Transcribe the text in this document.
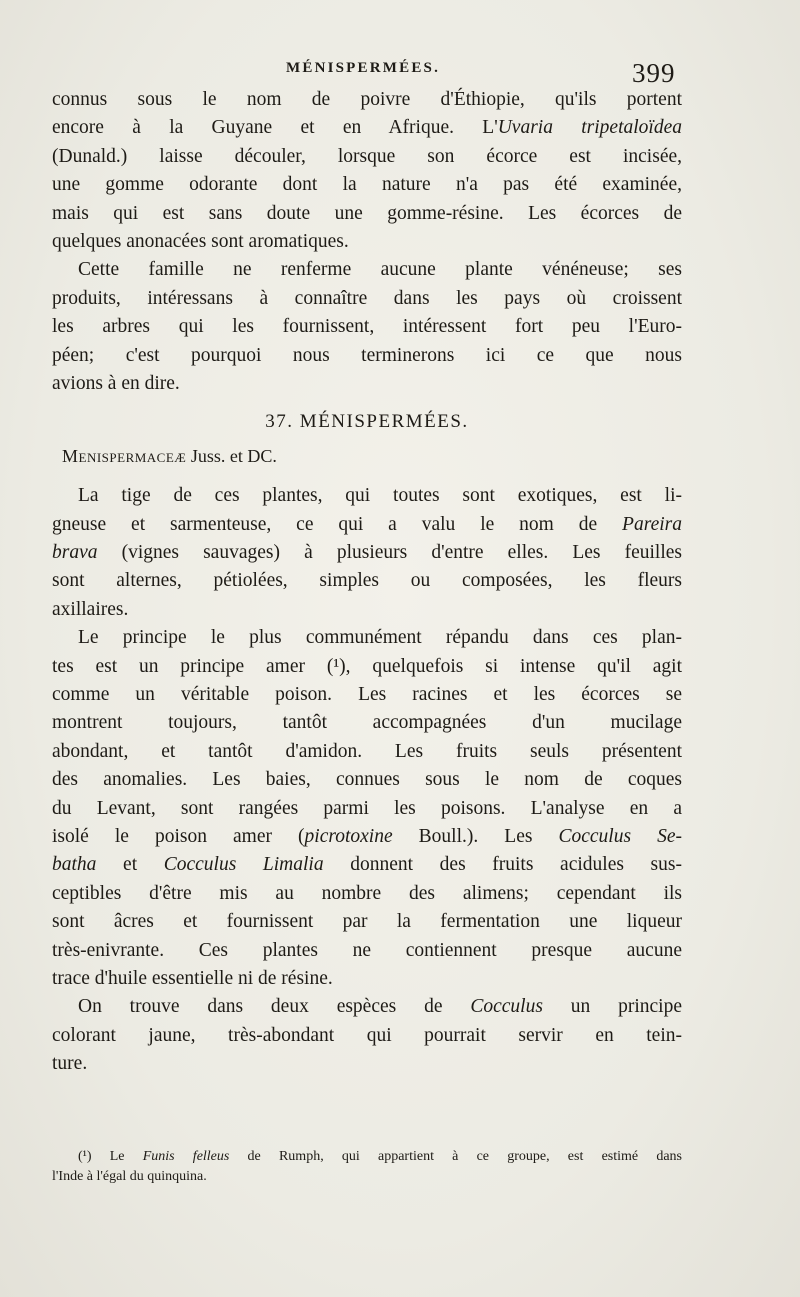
MÉNISPERMÉES.	399
connus sous le nom de poivre d'Éthiopie, qu'ils portent
encore à la Guyane et en Afrique. L'Uvaria tripetaloïdea
(Dunald.) laisse découler, lorsque son écorce est incisée,
une gomme odorante dont la nature n'a pas été examinée,
mais qui est sans doute une gomme-résine. Les écorces de
quelques anonacées sont aromatiques.
Cette famille ne renferme aucune plante vénéneuse; ses
produits, intéressans à connaître dans les pays où croissent
les arbres qui les fournissent, intéressent fort peu l'Euro-
péen; c'est pourquoi nous terminerons ici ce que nous
avions à en dire.
37. MÉNISPERMÉES.
Menispermaceæ Juss. et DC.
La tige de ces plantes, qui toutes sont exotiques, est li-
gneuse et sarmenteuse, ce qui a valu le nom de Pareira
brava (vignes sauvages) à plusieurs d'entre elles. Les feuilles
sont alternes, pétiolées, simples ou composées, les fleurs
axillaires.
Le principe le plus communément répandu dans ces plan-
tes est un principe amer (¹), quelquefois si intense qu'il agit
comme un véritable poison. Les racines et les écorces se
montrent toujours, tantôt accompagnées d'un mucilage
abondant, et tantôt d'amidon. Les fruits seuls présentent
des anomalies. Les baies, connues sous le nom de coques
du Levant, sont rangées parmi les poisons. L'analyse en a
isolé le poison amer (picrotoxine Boull.). Les Cocculus Se-
batha et Cocculus Limalia donnent des fruits acidules sus-
ceptibles d'être mis au nombre des alimens; cependant ils
sont âcres et fournissent par la fermentation une liqueur
très-enivrante. Ces plantes ne contiennent presque aucune
trace d'huile essentielle ni de résine.
On trouve dans deux espèces de Cocculus un principe
colorant jaune, très-abondant qui pourrait servir en tein-
ture.
(¹) Le Funis felleus de Rumph, qui appartient à ce groupe, est estimé dans
l'Inde à l'égal du quinquina.
